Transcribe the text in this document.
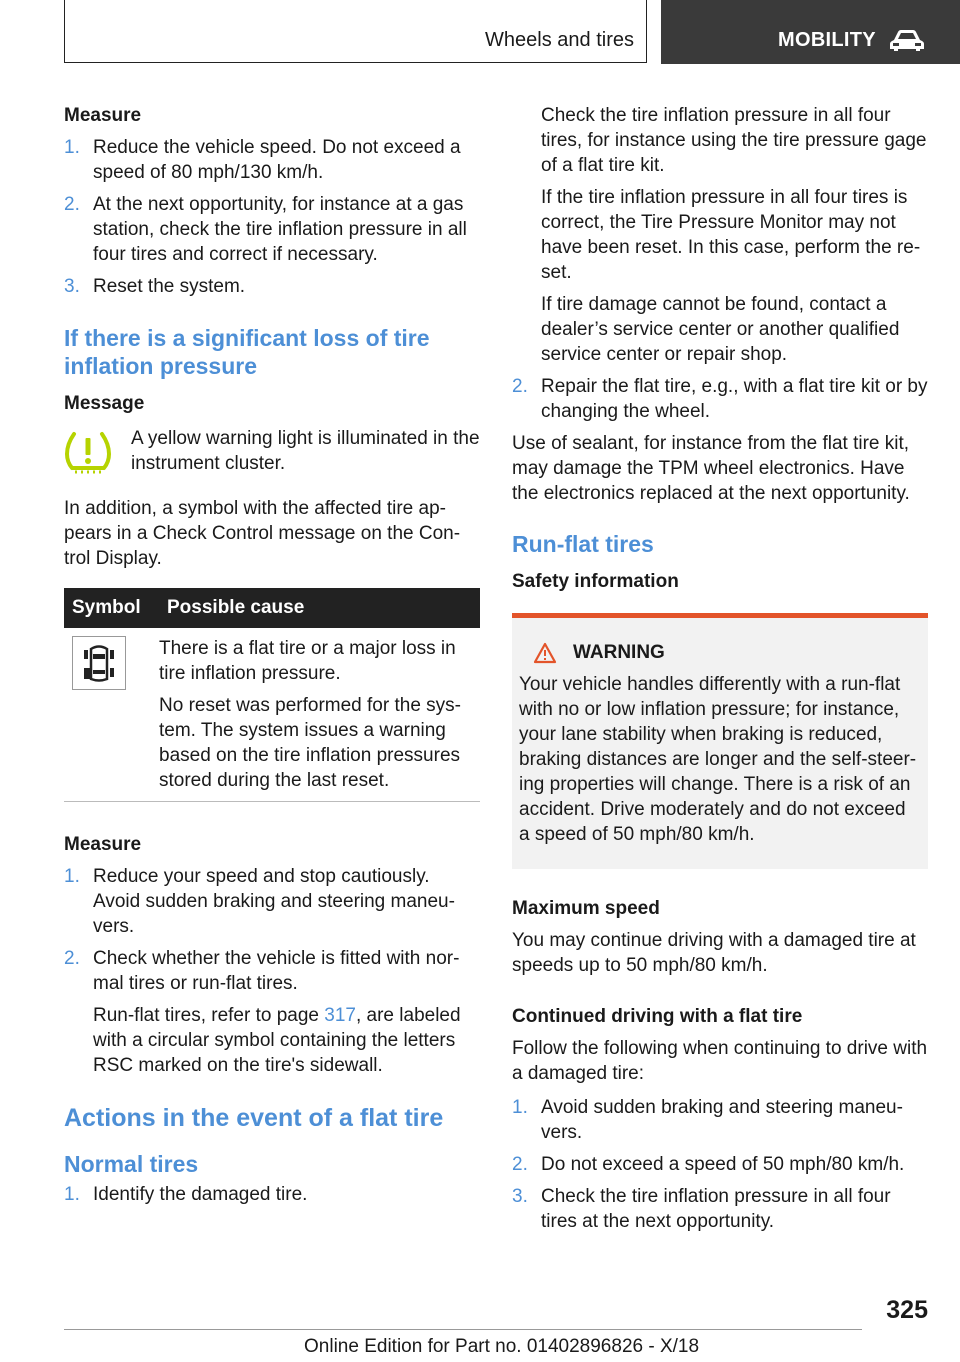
Wheels and tires	MOBILITY

Measure

1. Reduce the vehicle speed. Do not exceed a speed of 80 mph/130 km/h.
2. At the next opportunity, for instance at a gas station, check the tire inflation pressure in all four tires and correct if necessary.
3. Reset the system.

If there is a significant loss of tire inflation pressure

Message

A yellow warning light is illuminated in the instrument cluster.

In addition, a symbol with the affected tire appears in a Check Control message on the Control Display.

Symbol	Possible cause

There is a flat tire or a major loss in tire inflation pressure.

No reset was performed for the system. The system issues a warning based on the tire inflation pressures stored during the last reset.

Measure

1. Reduce your speed and stop cautiously. Avoid sudden braking and steering maneuvers.
2. Check whether the vehicle is fitted with normal tires or run-flat tires.

Run-flat tires, refer to page 317, are labeled with a circular symbol containing the letters RSC marked on the tire's sidewall.

Actions in the event of a flat tire

Normal tires

1. Identify the damaged tire.

Check the tire inflation pressure in all four tires, for instance using the tire pressure gage of a flat tire kit.

If the tire inflation pressure in all four tires is correct, the Tire Pressure Monitor may not have been reset. In this case, perform the reset.

If tire damage cannot be found, contact a dealer’s service center or another qualified service center or repair shop.

2. Repair the flat tire, e.g., with a flat tire kit or by changing the wheel.

Use of sealant, for instance from the flat tire kit, may damage the TPM wheel electronics. Have the electronics replaced at the next opportunity.

Run-flat tires

Safety information

WARNING

Your vehicle handles differently with a run-flat with no or low inflation pressure; for instance, your lane stability when braking is reduced, braking distances are longer and the self-steering properties will change. There is a risk of an accident. Drive moderately and do not exceed a speed of 50 mph/80 km/h.

Maximum speed

You may continue driving with a damaged tire at speeds up to 50 mph/80 km/h.

Continued driving with a flat tire

Follow the following when continuing to drive with a damaged tire:

1. Avoid sudden braking and steering maneuvers.
2. Do not exceed a speed of 50 mph/80 km/h.
3. Check the tire inflation pressure in all four tires at the next opportunity.
325
Online Edition for Part no. 01402896826 - X/18
